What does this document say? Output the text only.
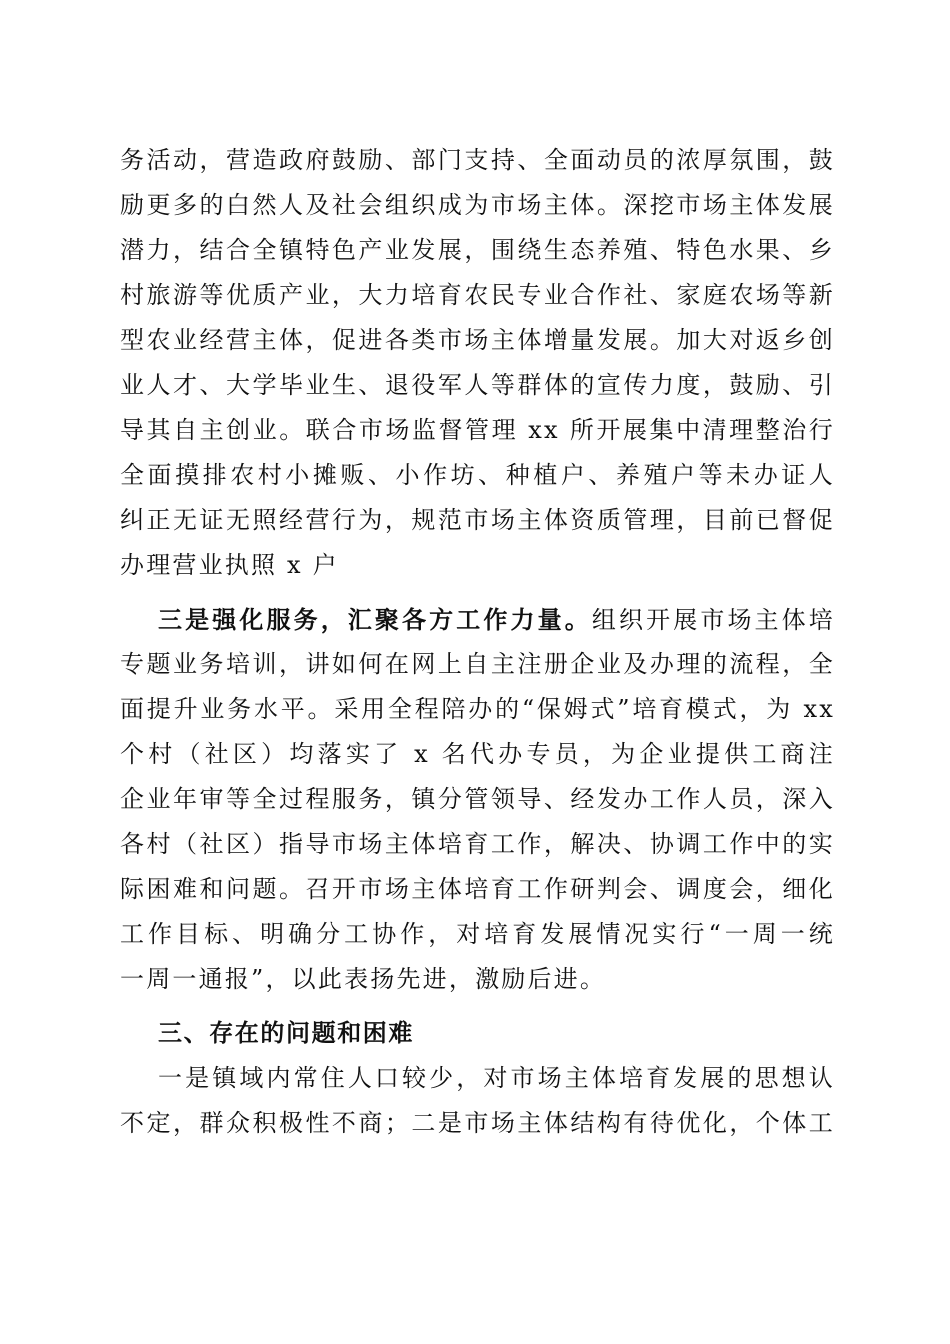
务活动，营造政府鼓励、部门支持、全面动员的浓厚氛围，鼓
励更多的白然人及社会组织成为市场主体。深挖市场主体发展
潜力，结合全镇特色产业发展，围绕生态养殖、特色水果、乡
村旅游等优质产业，大力培育农民专业合作社、家庭农场等新
型农业经营主体，促进各类市场主体增量发展。加大对返乡创
业人才、大学毕业生、退役军人等群体的宣传力度，鼓励、引
导其自主创业。联合市场监督管理 xx 所开展集中清理整治行
全面摸排农村小摊贩、小作坊、种植户、养殖户等未办证人
纠正无证无照经营行为，规范市场主体资质管理，目前已督促
办理营业执照 x 户
三是强化服务，汇聚各方工作力量。组织开展市场主体培
专题业务培训，讲如何在网上自主注册企业及办理的流程，全
面提升业务水平。采用全程陪办的“保姆式”培育模式，为 xx
个村（社区）均落实了 x 名代办专员，为企业提供工商注
企业年审等全过程服务，镇分管领导、经发办工作人员，深入
各村（社区）指导市场主体培育工作，解决、协调工作中的实
际困难和问题。召开市场主体培育工作研判会、调度会，细化
工作目标、明确分工协作，对培育发展情况实行“一周一统
一周一通报”，以此表扬先进，激励后进。
三、存在的问题和困难
一是镇域内常住人口较少，对市场主体培育发展的思想认
不定，群众积极性不商；二是市场主体结构有待优化，个体工
